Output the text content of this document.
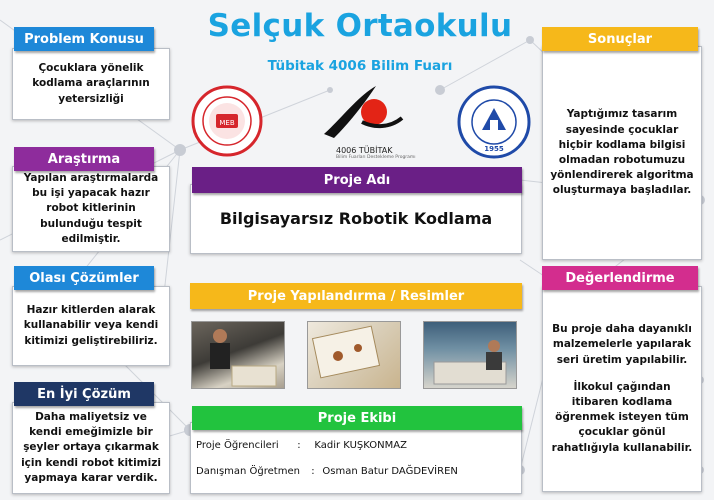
Selçuk Ortaokulu
Tübitak 4006 Bilim Fuarı
MEB
4006 TÜBİTAK
Bilim Fuarları Destekleme Programı
1955

Çocuklara yönelik kodlama araçlarının yetersizliği

Problem Konusu

Yapılan araştırmalarda bu işi yapacak hazır robot kitlerinin bulunduğu tespit edilmiştir.

Araştırma

Hazır kitlerden alarak kullanabilir veya kendi kitimizi geliştirebiliriz.

Olası Çözümler

Daha maliyetsiz ve kendi emeğimizle bir şeyler ortaya çıkarmak için kendi robot kitimizi yapmaya karar verdik.

En İyi Çözüm

Yaptığımız tasarım sayesinde çocuklar hiçbir kodlama bilgisi olmadan robotumuzu yönlendirerek algoritma oluşturmaya başladılar.

Sonuçlar

Bu proje daha dayanıklı malzemelerle yapılarak seri üretim yapılabilir.

İlkokul çağından itibaren kodlama öğrenmek isteyen tüm çocuklar gönül rahatlığıyla kullanabilir.

Değerlendirme

Bilgisayarsız Robotik Kodlama

Proje Adı
Proje Yapılandırma / Resimler
Proje Ekibi
Proje Öğrencileri : Kadir KUŞKONMAZ
Danışman Öğretmen : Osman Batur DAĞDEVİREN
